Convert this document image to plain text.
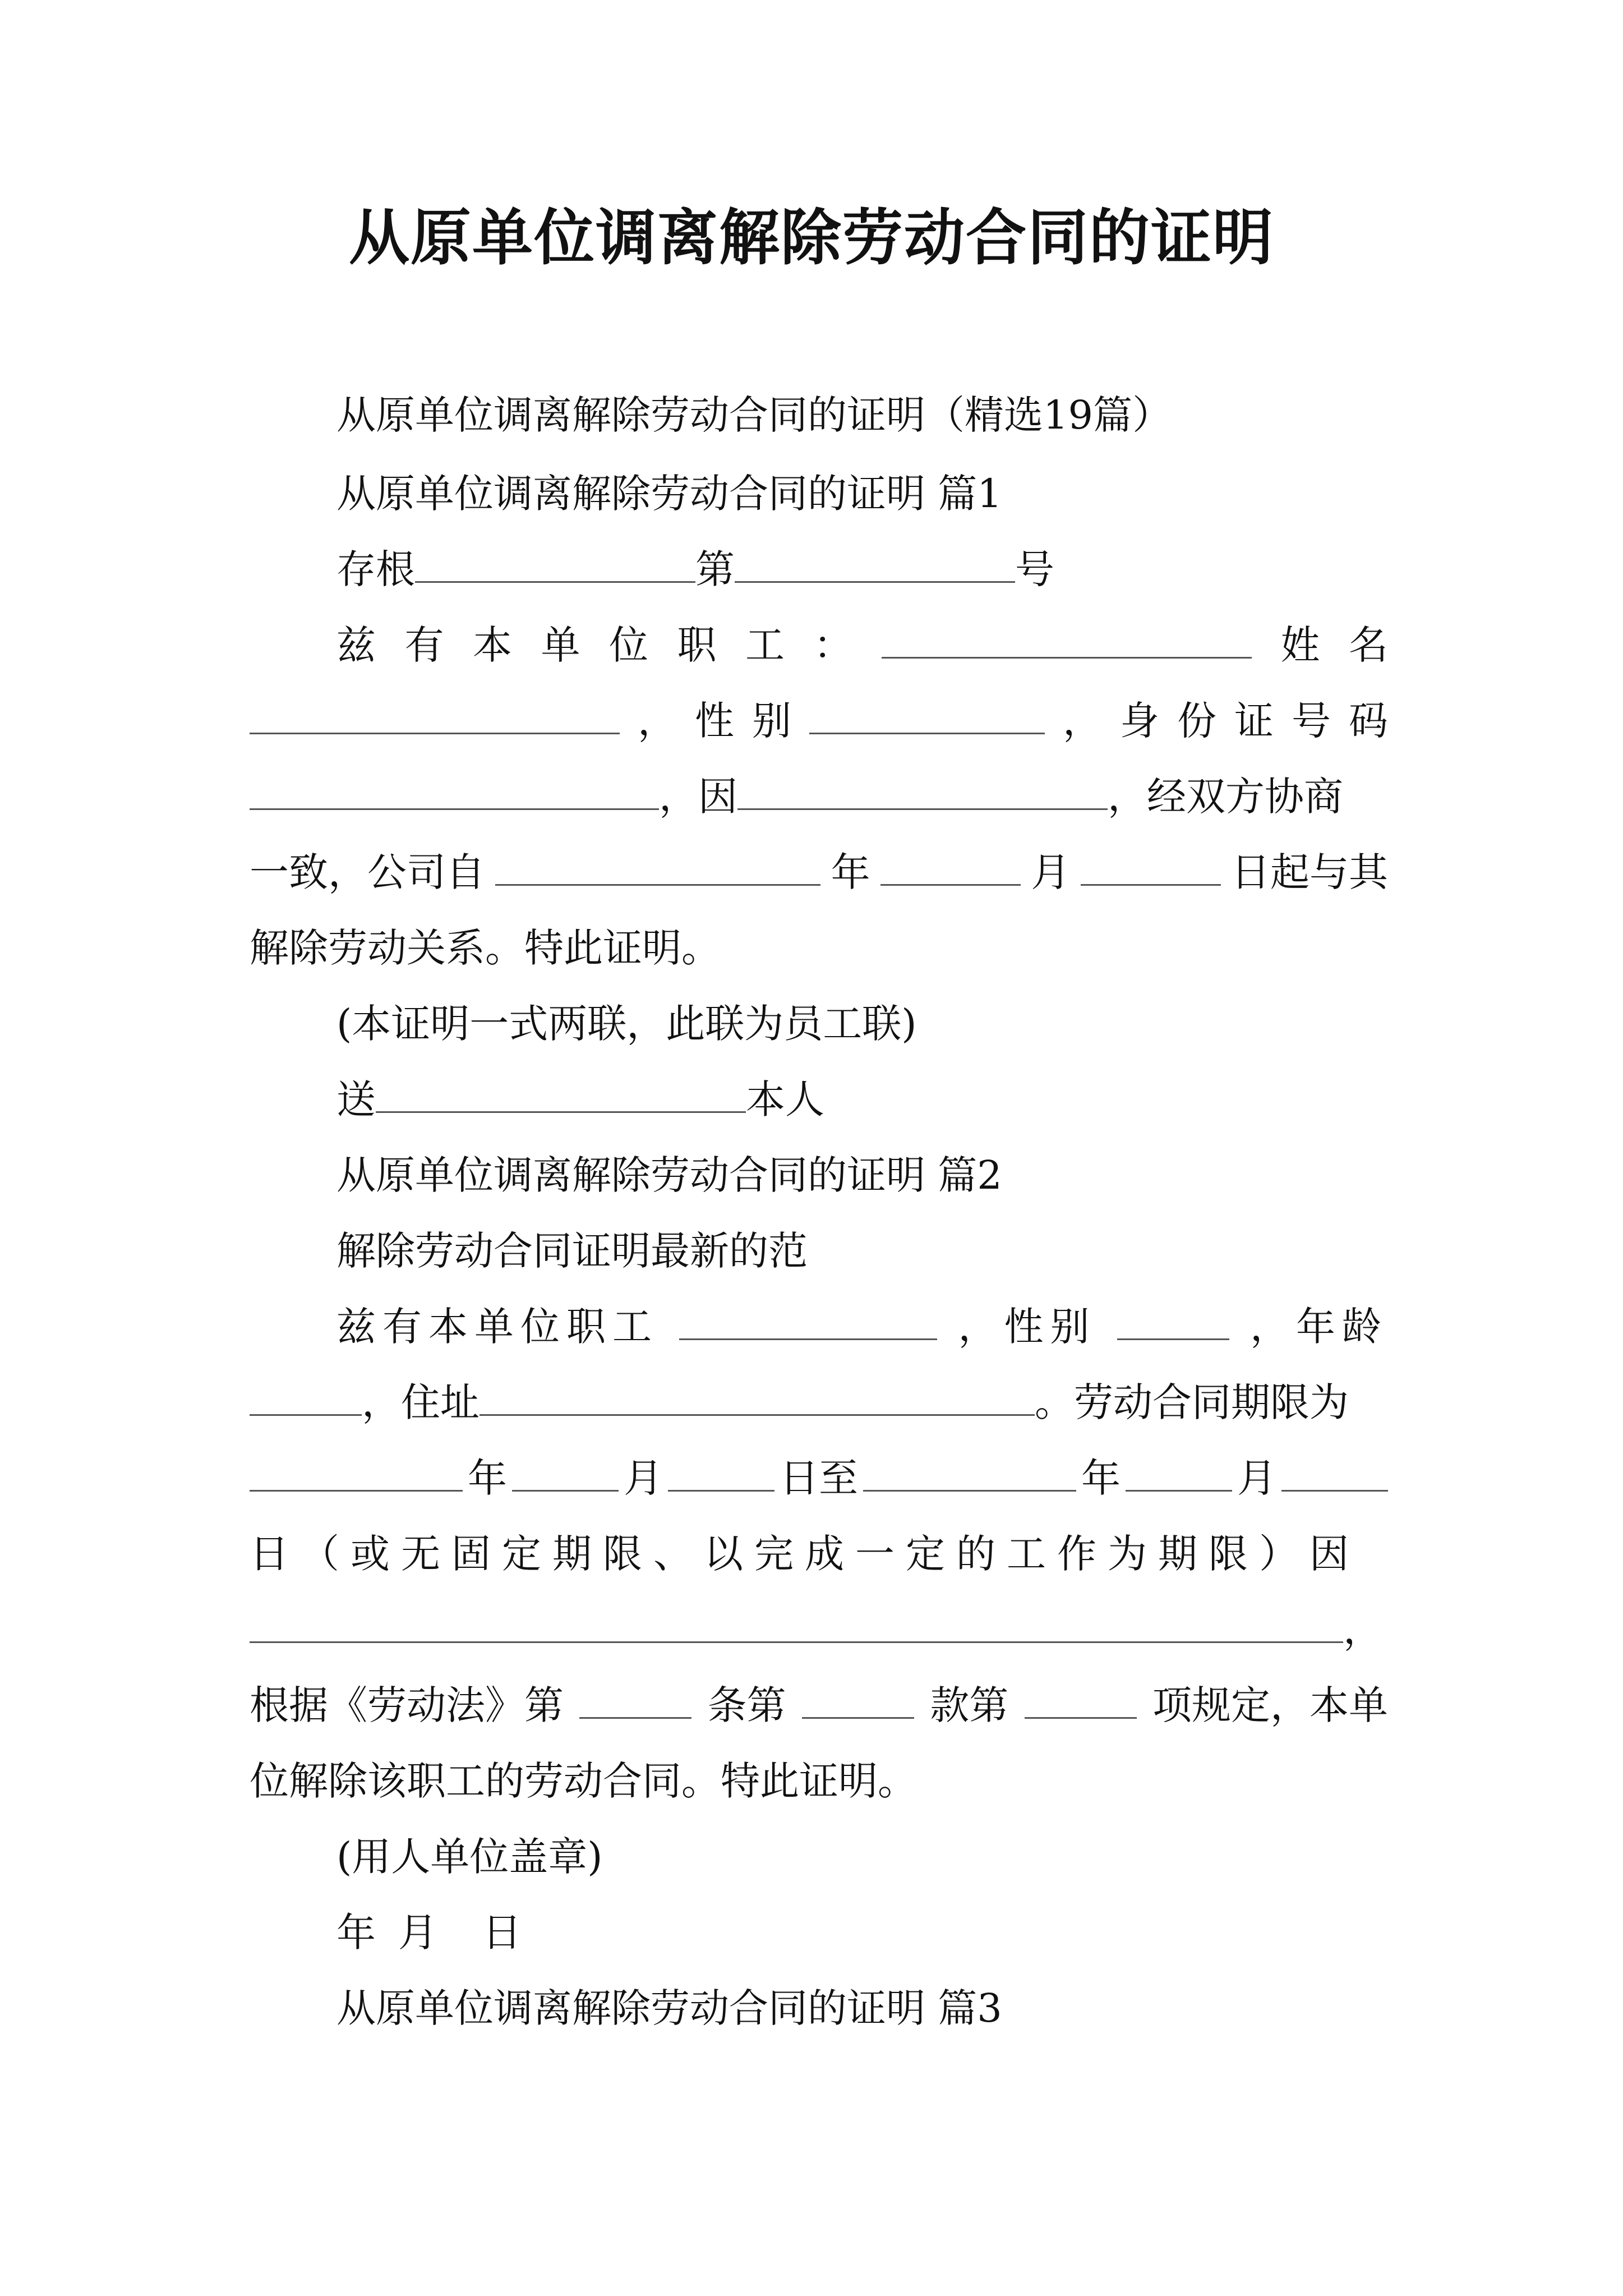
从原单位调离解除劳动合同的证明
从原单位调离解除劳动合同的证明（精选19篇）
从原单位调离解除劳动合同的证明 篇1
存根	第	号
兹 有 本 单 位 职 工 ：	姓 名
， 性 别	， 身 份 证 号 码
，因	，经双方协商
一致，公司自	年	月	日起与其
解除劳动关系。特此证明。
(本证明一式两联，此联为员工联)
送	本人
从原单位调离解除劳动合同的证明 篇2
解除劳动合同证明最新的范
兹有本单位职工	，性别	，年龄
，住址	。劳动合同期限为
年	月	日至	年	月
日（或无固定期限、以完成一定的工作为期限）因
，
根据《劳动法》第	条第	款第	项规定，本单
位解除该职工的劳动合同。特此证明。
(用人单位盖章)
年 月 日
从原单位调离解除劳动合同的证明 篇3
